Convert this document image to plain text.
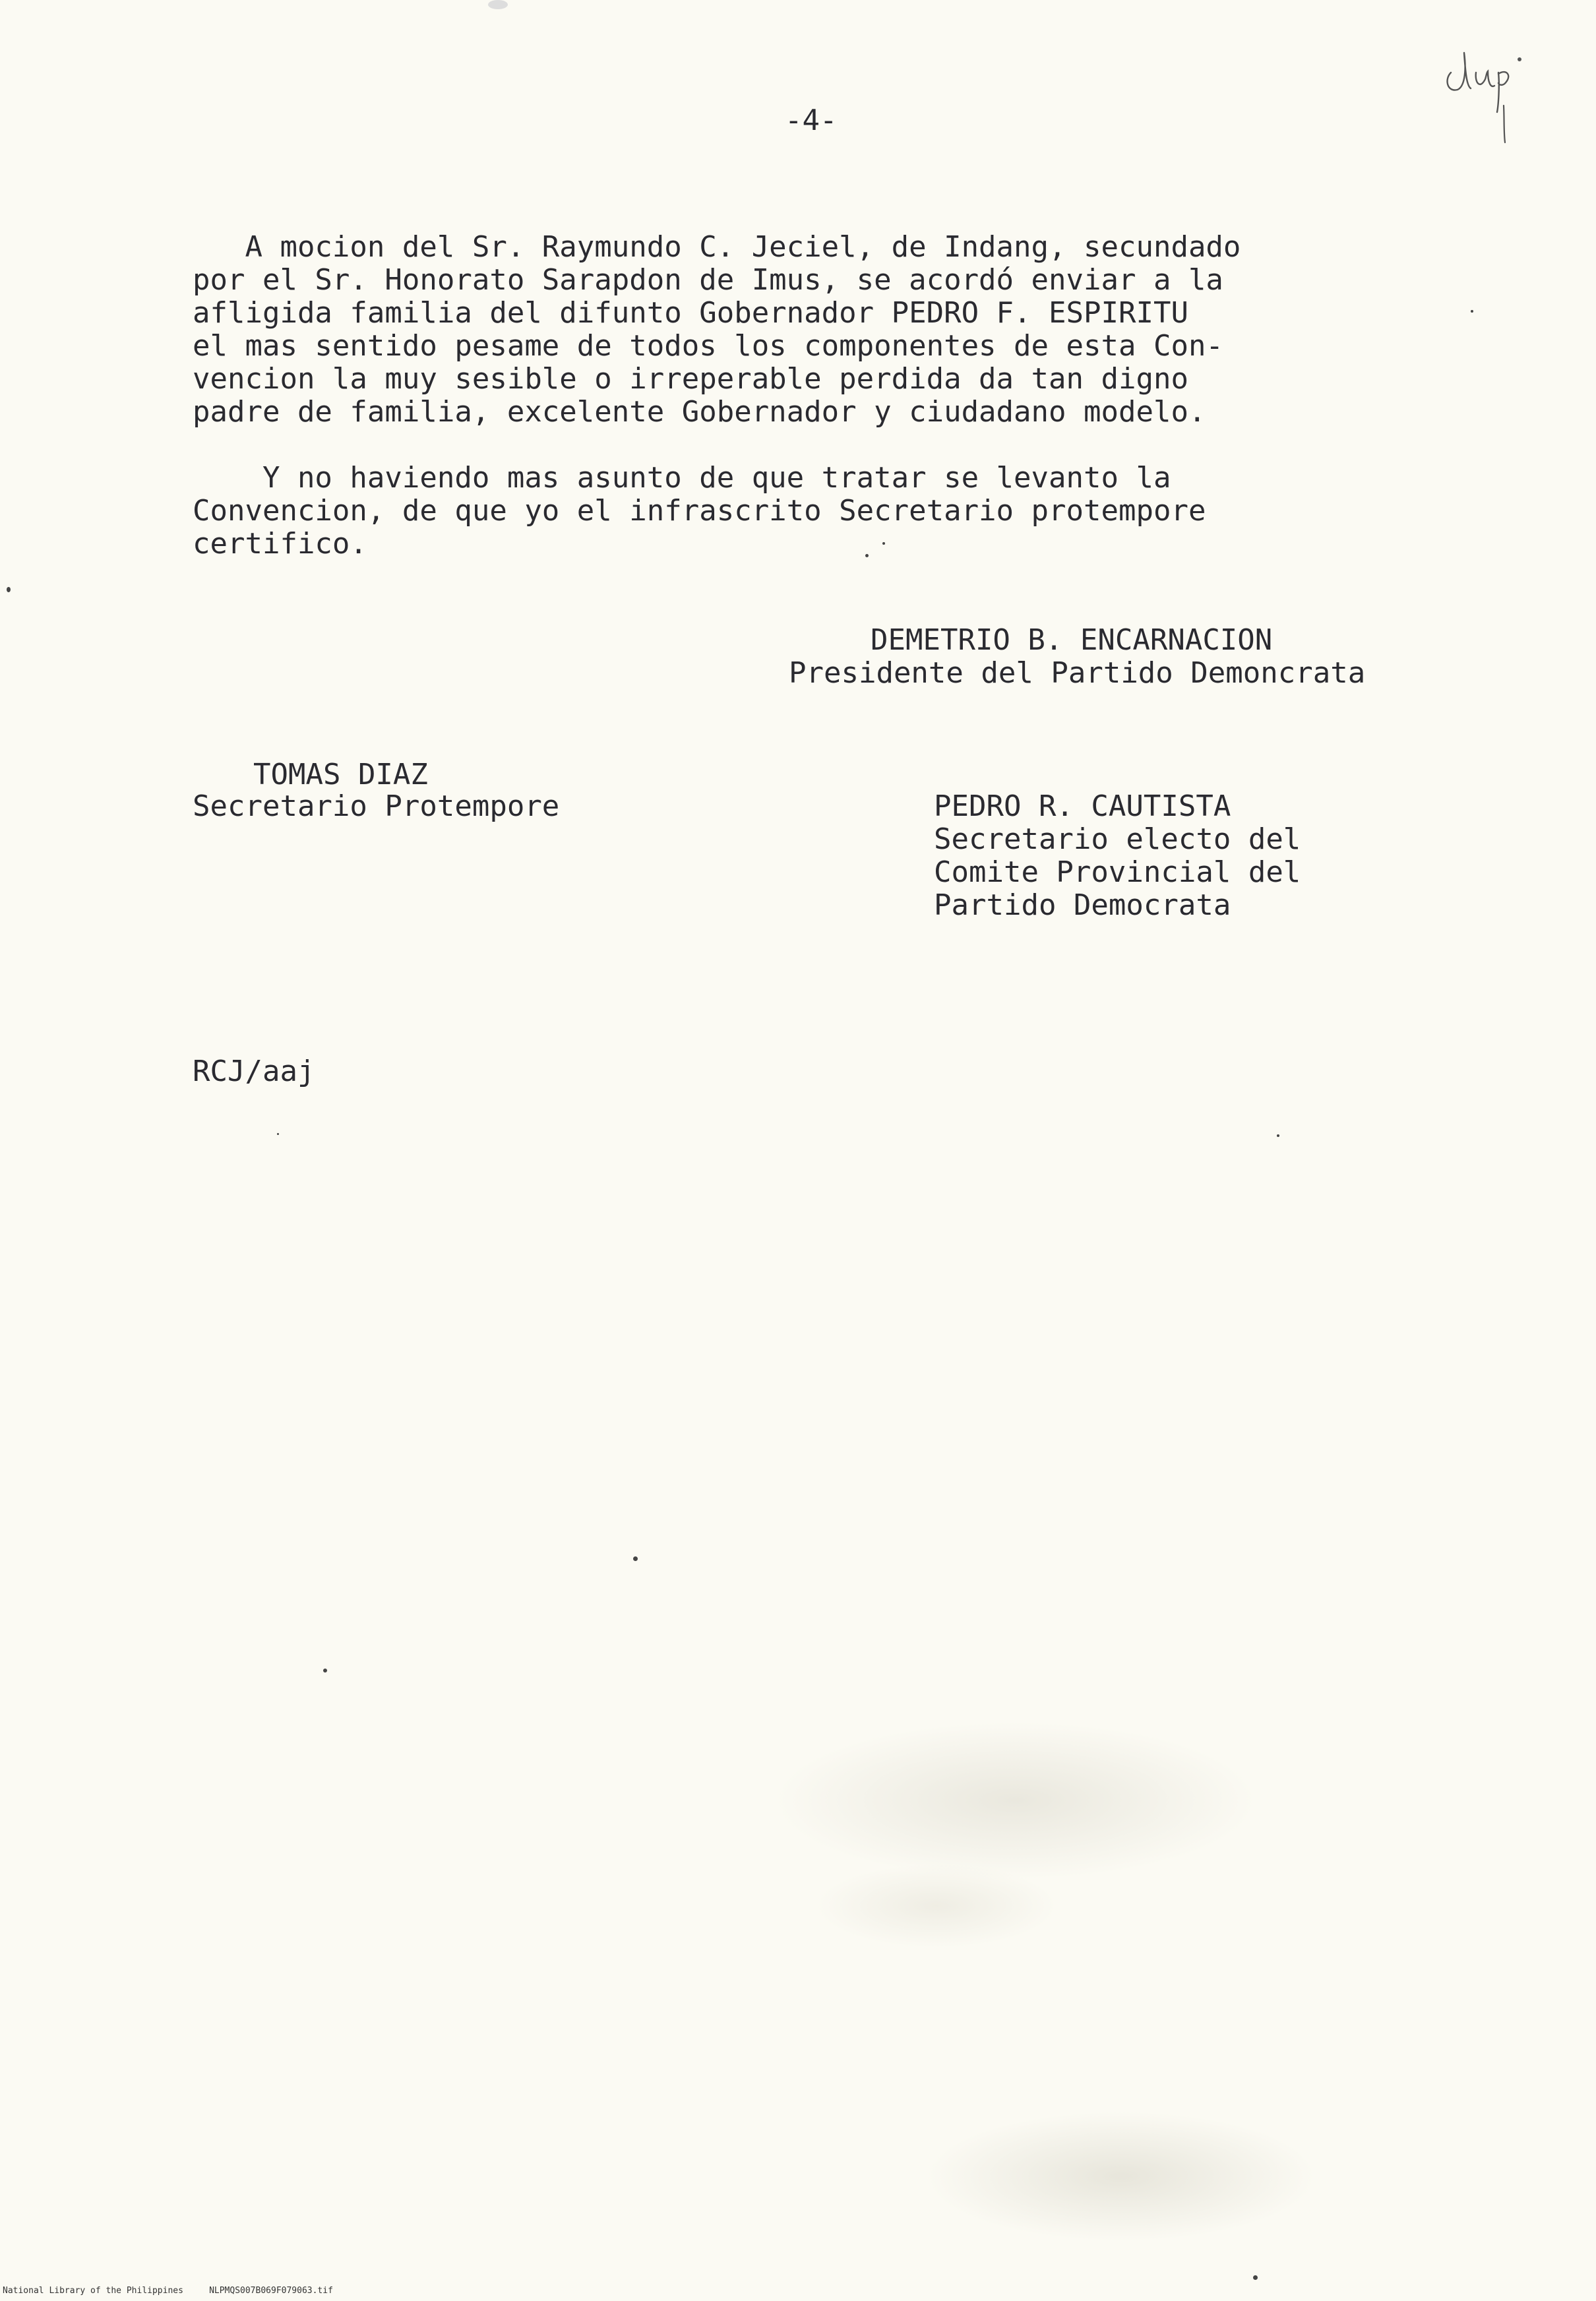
-4-
A mocion del Sr. Raymundo C. Jeciel, de Indang, secundado
por el Sr. Honorato Sarapdon de Imus, se acordó enviar a la
afligida familia del difunto Gobernador PEDRO F. ESPIRITU
el mas sentido pesame de todos los componentes de esta Con-
vencion la muy sesible o irreperable perdida da tan digno
padre de familia, excelente Gobernador y ciudadano modelo.
Y no haviendo mas asunto de que tratar se levanto la
Convencion, de que yo el infrascrito Secretario protempore
certifico.
DEMETRIO B. ENCARNACION
Presidente del Partido Demoncrata
TOMAS DIAZ
Secretario Protempore	PEDRO R. CAUTISTA
Secretario electo del
Comite Provincial del
Partido Democrata
RCJ/aaj
National Library of the Philippines     NLPMQS007B069F079063.tif
